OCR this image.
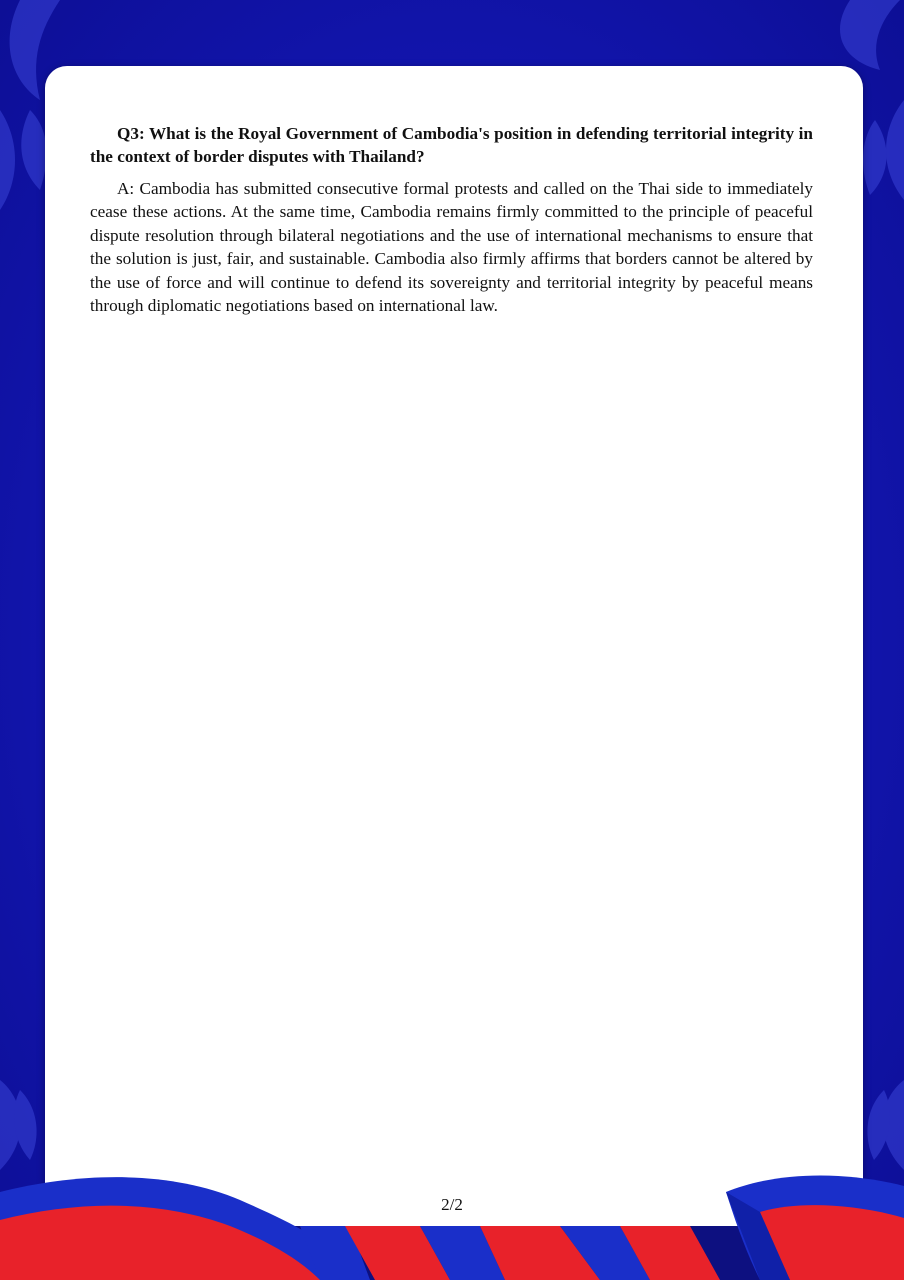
Q3: What is the Royal Government of Cambodia's position in defending territorial integrity in the context of border disputes with Thailand?

A: Cambodia has submitted consecutive formal protests and called on the Thai side to immediately cease these actions. At the same time, Cambodia remains firmly committed to the principle of peaceful dispute resolution through bilateral negotiations and the use of international mechanisms to ensure that the solution is just, fair, and sustainable. Cambodia also firmly affirms that borders cannot be altered by the use of force and will continue to defend its sovereignty and territorial integrity by peaceful means through diplomatic negotiations based on international law.

2/2
